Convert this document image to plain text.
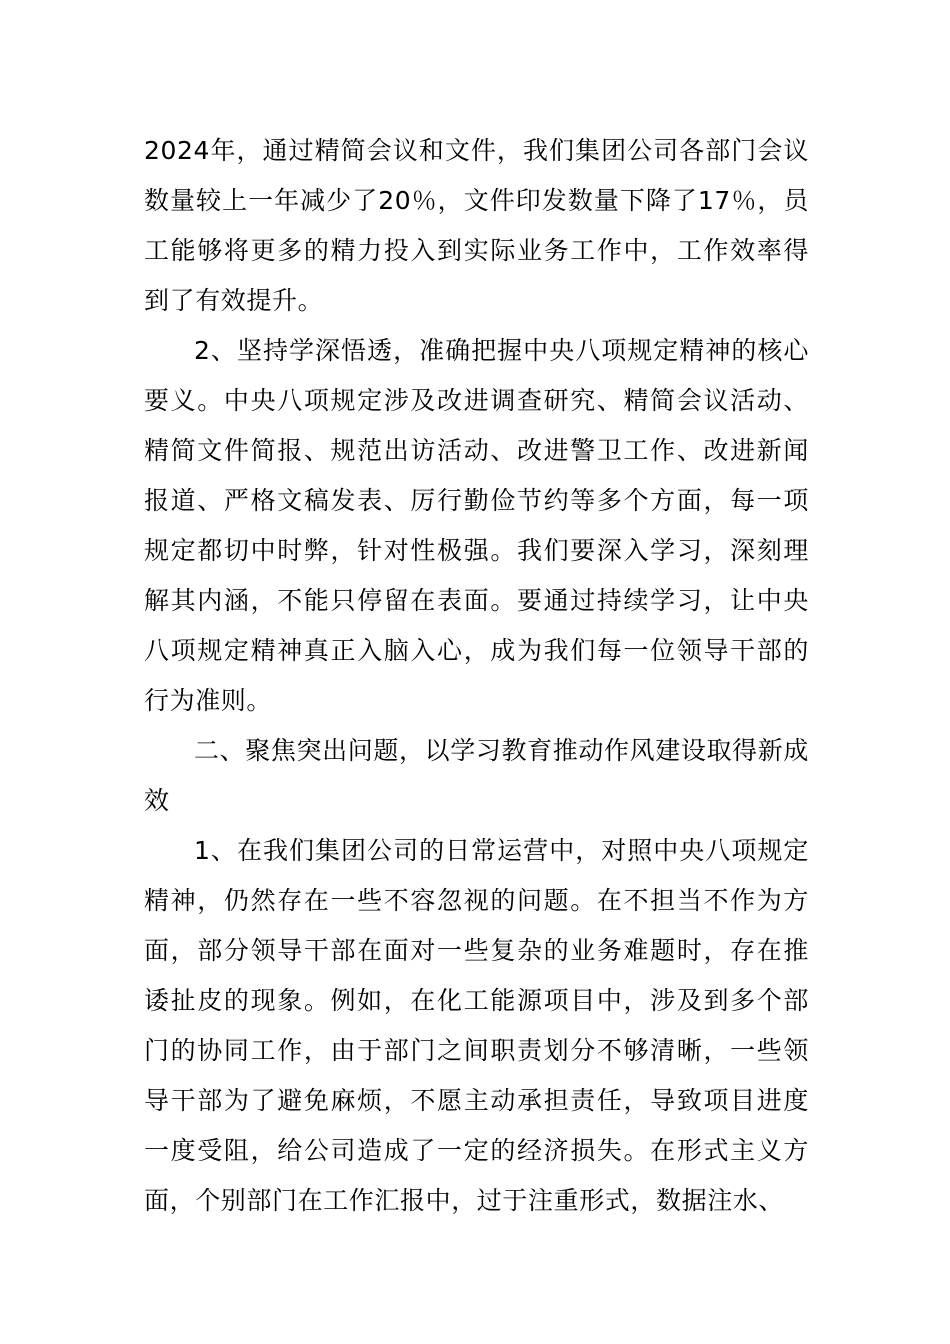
2024年，通过精简会议和文件，我们集团公司各部门会议数量较上一年减少了20％，文件印发数量下降了17％，员工能够将更多的精力投入到实际业务工作中，工作效率得到了有效提升。

2、坚持学深悟透，准确把握中央八项规定精神的核心要义。中央八项规定涉及改进调查研究、精简会议活动、精简文件简报、规范出访活动、改进警卫工作、改进新闻报道、严格文稿发表、厉行勤俭节约等多个方面，每一项规定都切中时弊，针对性极强。我们要深入学习，深刻理解其内涵，不能只停留在表面。要通过持续学习，让中央八项规定精神真正入脑入心，成为我们每一位领导干部的行为准则。

二、聚焦突出问题，以学习教育推动作风建设取得新成效

1、在我们集团公司的日常运营中，对照中央八项规定精神，仍然存在一些不容忽视的问题。在不担当不作为方面，部分领导干部在面对一些复杂的业务难题时，存在推诿扯皮的现象。例如，在化工能源项目中，涉及到多个部门的协同工作，由于部门之间职责划分不够清晰，一些领导干部为了避免麻烦，不愿主动承担责任，导致项目进度一度受阻，给公司造成了一定的经济损失。在形式主义方面，个别部门在工作汇报中，过于注重形式，数据注水、
